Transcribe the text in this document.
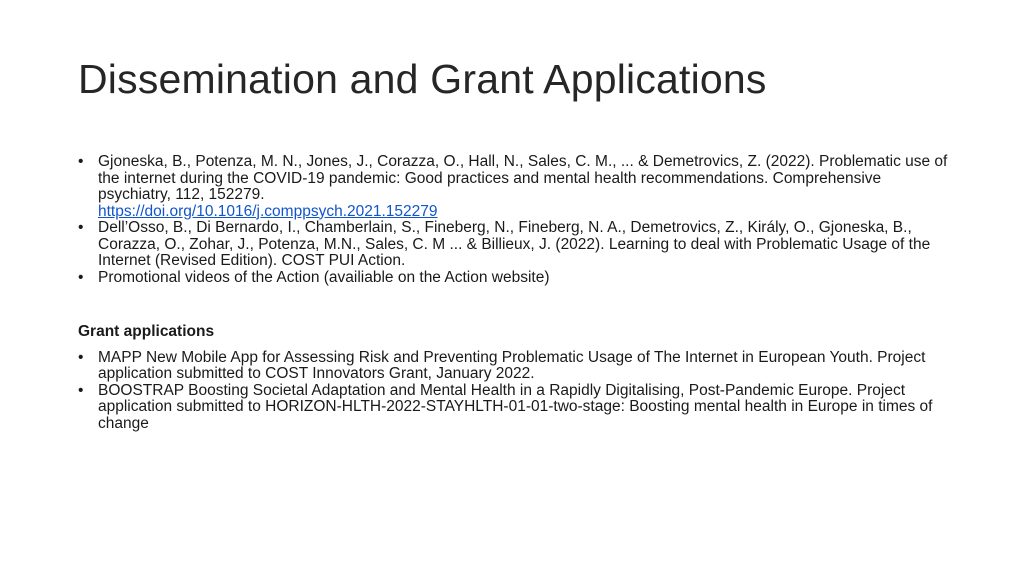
Dissemination and Grant Applications
• Gjoneska, B., Potenza, M. N., Jones, J., Corazza, O., Hall, N., Sales, C. M., ... & Demetrovics, Z. (2022). Problematic use of the internet during the COVID-19 pandemic: Good practices and mental health recommendations. Comprehensive psychiatry, 112, 152279.
https://doi.org/10.1016/j.comppsych.2021.152279
• Dell’Osso, B., Di Bernardo, I., Chamberlain, S., Fineberg, N., Fineberg, N. A., Demetrovics, Z., Király, O., Gjoneska, B., Corazza, O., Zohar, J., Potenza, M.N., Sales, C. M ... & Billieux, J. (2022). Learning to deal with Problematic Usage of the Internet (Revised Edition). COST PUI Action.
• Promotional videos of the Action (availiable on the Action website)
Grant applications
• MAPP New Mobile App for Assessing Risk and Preventing Problematic Usage of The Internet in European Youth. Project application submitted to COST Innovators Grant, January 2022.
• BOOSTRAP Boosting Societal Adaptation and Mental Health in a Rapidly Digitalising, Post-Pandemic Europe. Project application submitted to HORIZON-HLTH-2022-STAYHLTH-01-01-two-stage: Boosting mental health in Europe in times of change
